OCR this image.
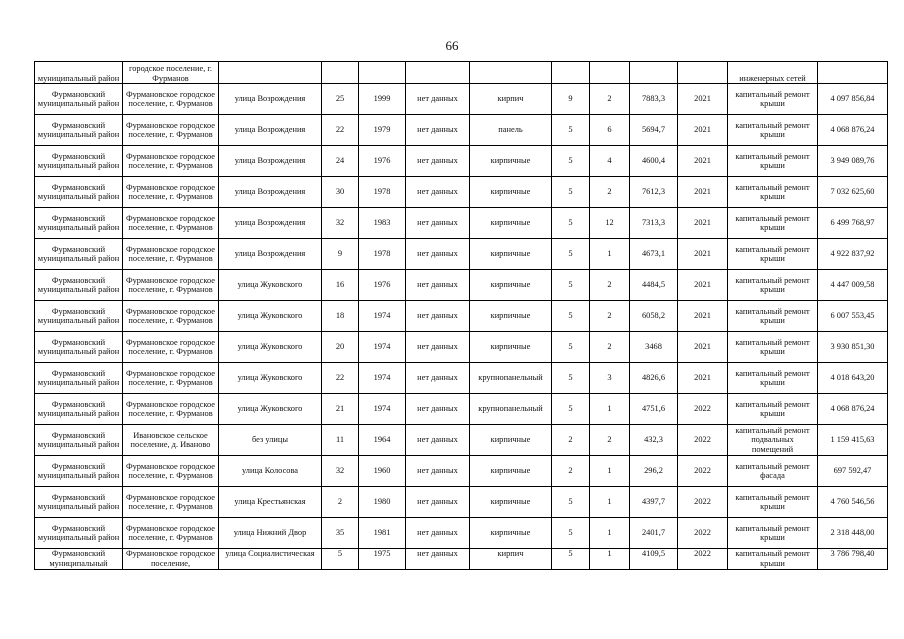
66
муниципальный район	городское поселение, г. Фурманов										инженерных сетей	
Фурмановский муниципальный район	Фурмановское городское поселение, г. Фурманов	улица Возрождения	25	1999	нет данных	кирпич	9	2	7883,3	2021	капитальный ремонт крыши	4 097 856,84
Фурмановский муниципальный район	Фурмановское городское поселение, г. Фурманов	улица Возрождения	22	1979	нет данных	панель	5	6	5694,7	2021	капитальный ремонт крыши	4 068 876,24
Фурмановский муниципальный район	Фурмановское городское поселение, г. Фурманов	улица Возрождения	24	1976	нет данных	кирпичные	5	4	4600,4	2021	капитальный ремонт крыши	3 949 089,76
Фурмановский муниципальный район	Фурмановское городское поселение, г. Фурманов	улица Возрождения	30	1978	нет данных	кирпичные	5	2	7612,3	2021	капитальный ремонт крыши	7 032 625,60
Фурмановский муниципальный район	Фурмановское городское поселение, г. Фурманов	улица Возрождения	32	1983	нет данных	кирпичные	5	12	7313,3	2021	капитальный ремонт крыши	6 499 768,97
Фурмановский муниципальный район	Фурмановское городское поселение, г. Фурманов	улица Возрождения	9	1978	нет данных	кирпичные	5	1	4673,1	2021	капитальный ремонт крыши	4 922 837,92
Фурмановский муниципальный район	Фурмановское городское поселение, г. Фурманов	улица Жуковского	16	1976	нет данных	кирпичные	5	2	4484,5	2021	капитальный ремонт крыши	4 447 009,58
Фурмановский муниципальный район	Фурмановское городское поселение, г. Фурманов	улица Жуковского	18	1974	нет данных	кирпичные	5	2	6058,2	2021	капитальный ремонт крыши	6 007 553,45
Фурмановский муниципальный район	Фурмановское городское поселение, г. Фурманов	улица Жуковского	20	1974	нет данных	кирпичные	5	2	3468	2021	капитальный ремонт крыши	3 930 851,30
Фурмановский муниципальный район	Фурмановское городское поселение, г. Фурманов	улица Жуковского	22	1974	нет данных	крупнопанельный	5	3	4826,6	2021	капитальный ремонт крыши	4 018 643,20
Фурмановский муниципальный район	Фурмановское городское поселение, г. Фурманов	улица Жуковского	21	1974	нет данных	крупнопанельный	5	1	4751,6	2022	капитальный ремонт крыши	4 068 876,24
Фурмановский муниципальный район	Ивановское сельское поселение, д. Иваново	без улицы	11	1964	нет данных	кирпичные	2	2	432,3	2022	капитальный ремонт подвальных помещений	1 159 415,63
Фурмановский муниципальный район	Фурмановское городское поселение, г. Фурманов	улица Колосова	32	1960	нет данных	кирпичные	2	1	296,2	2022	капитальный ремонт фасада	697 592,47
Фурмановский муниципальный район	Фурмановское городское поселение, г. Фурманов	улица Крестьянская	2	1980	нет данных	кирпичные	5	1	4397,7	2022	капитальный ремонт крыши	4 760 546,56
Фурмановский муниципальный район	Фурмановское городское поселение, г. Фурманов	улица Нижний Двор	35	1981	нет данных	кирпичные	5	1	2401,7	2022	капитальный ремонт крыши	2 318 448,00
Фурмановский муниципальный	Фурмановское городское поселение,	улица Социалистическая	5	1975	нет данных	кирпич	5	1	4109,5	2022	капитальный ремонт крыши	3 786 798,40
